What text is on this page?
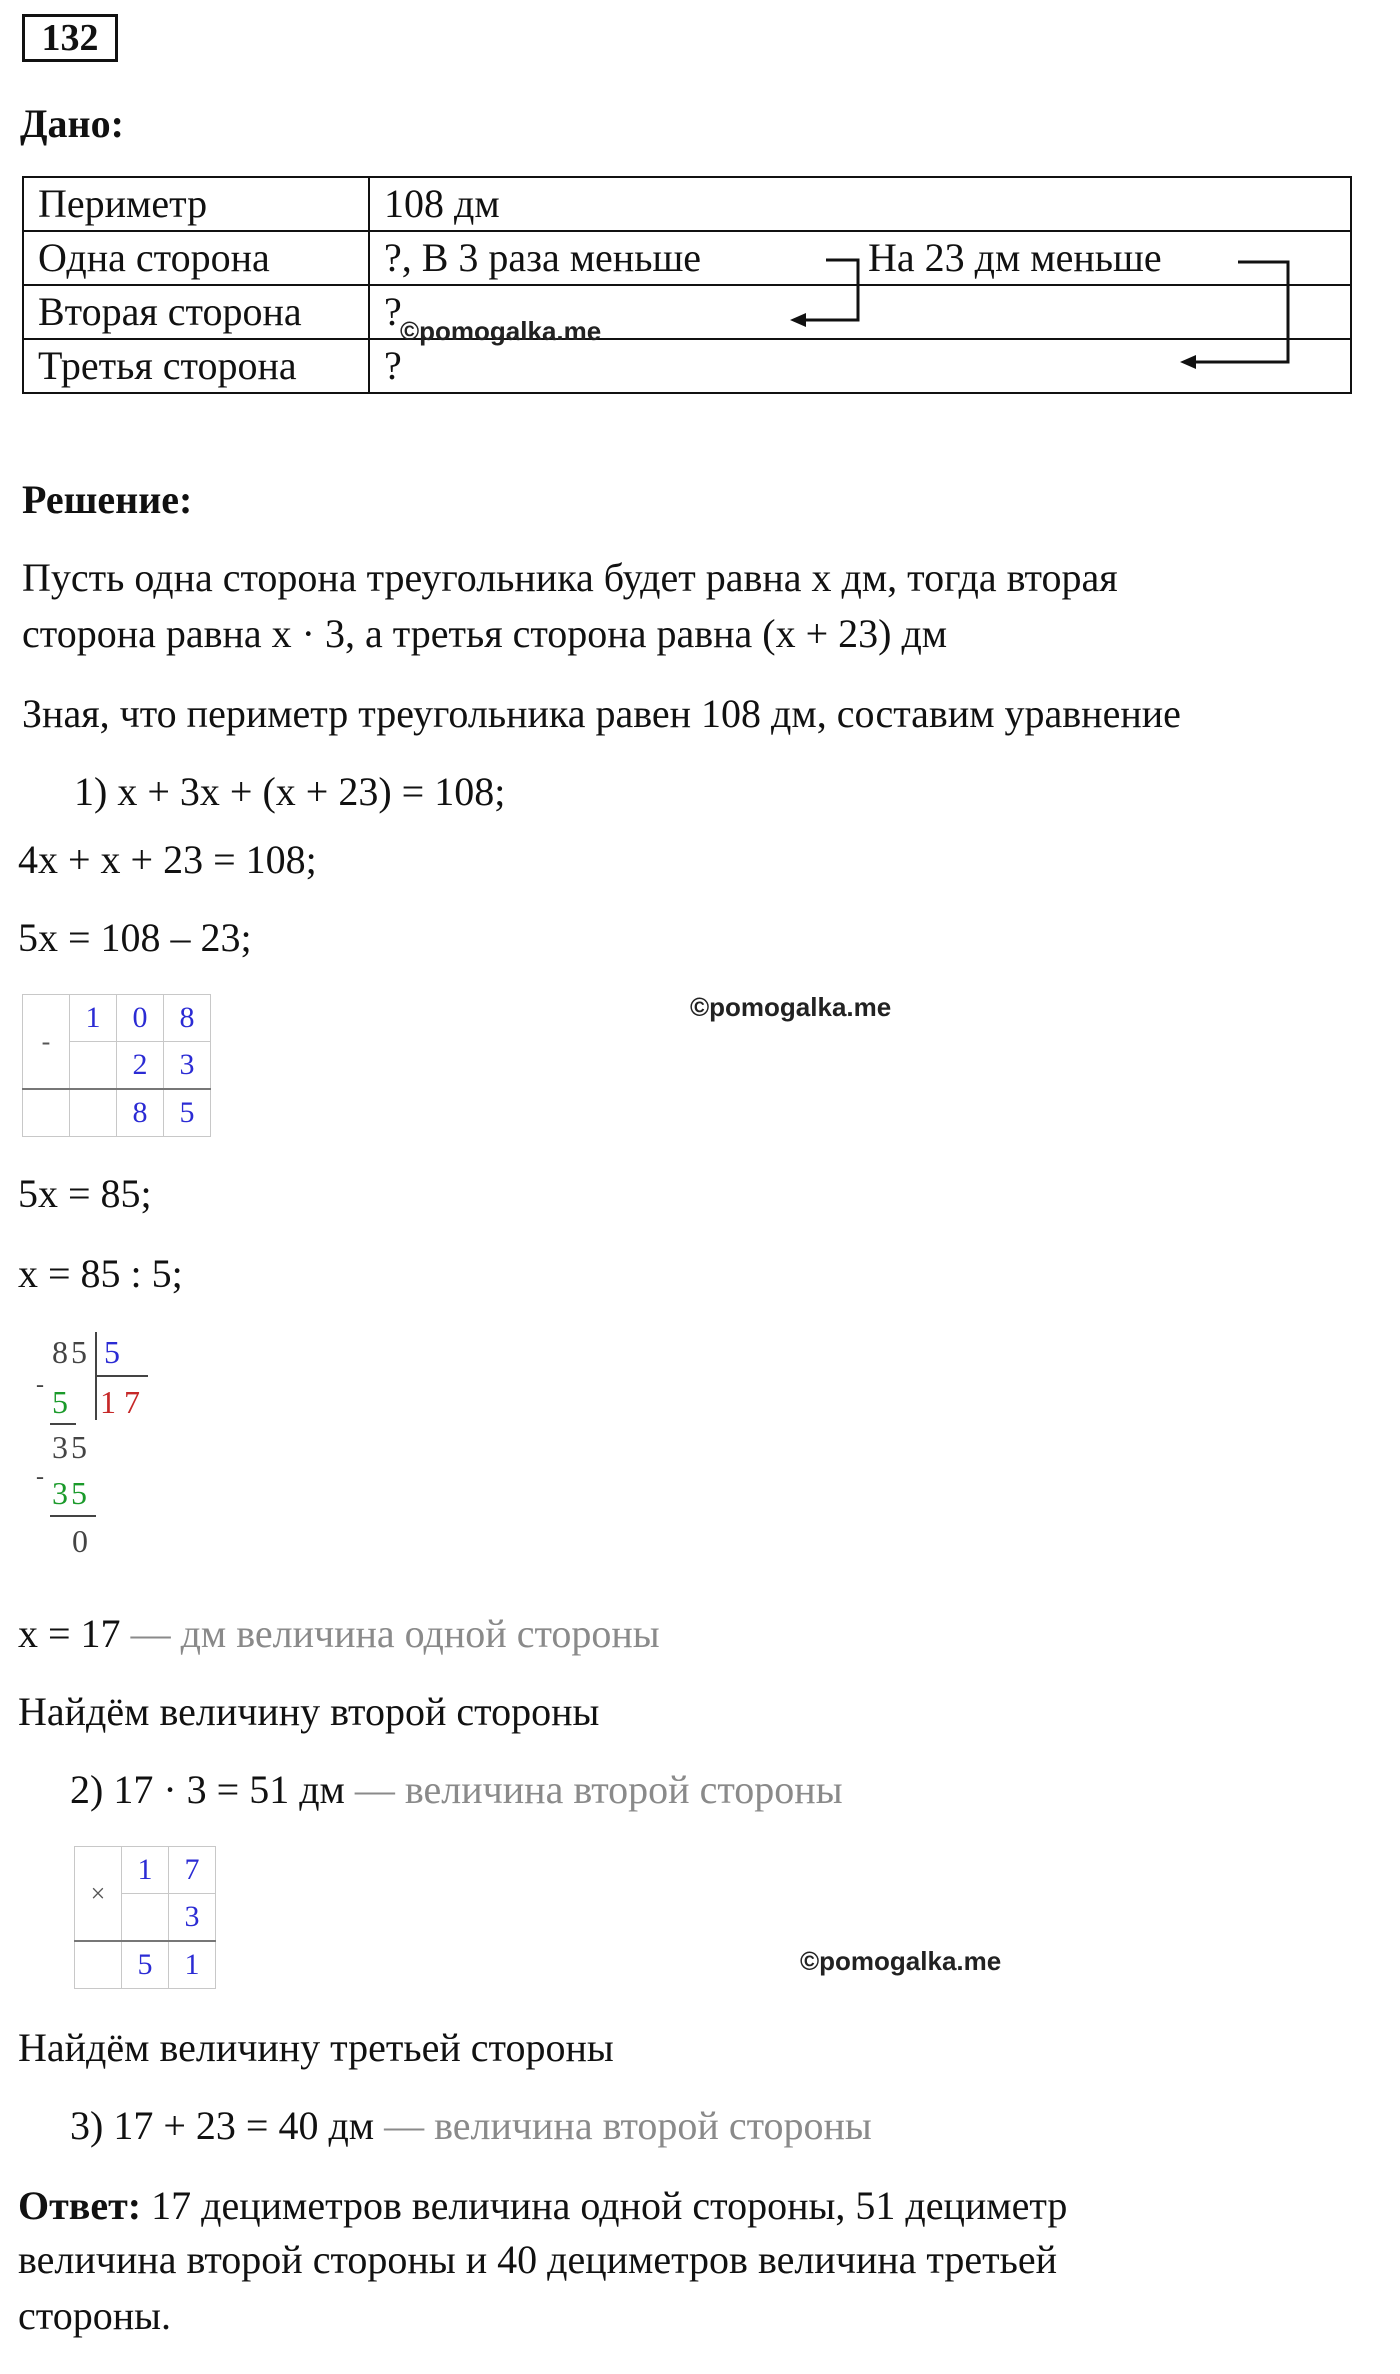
132
Дано:
Периметр	108 дм
Одна сторона	?, В 3 раза меньше
Вторая сторона	?
Третья сторона	?
На 23 дм меньше
©pomogalka.me
Решение:
Пусть одна сторона треугольника будет равна x дм, тогда вторая
сторона равна x · 3, а третья сторона равна (x + 23) дм
Зная, что периметр треугольника равен 108 дм, составим уравнение
1) x + 3x + (x + 23) = 108;
4x + x + 23 = 108;
5x = 108 – 23;
-	1	0	8
		2	3
		8	5
©pomogalka.me
5x = 85;
x = 85 : 5;
85 5
17
- 5
35
- 35
0
x = 17 — дм величина одной стороны
Найдём величину второй стороны
2) 17 · 3 = 51 дм — величина второй стороны
×	1	7
		3
	5	1	©pomogalka.me
Найдём величину третьей стороны
3) 17 + 23 = 40 дм — величина второй стороны
Ответ: 17 дециметров величина одной стороны, 51 дециметр
величина второй стороны и 40 дециметров величина третьей
стороны.
